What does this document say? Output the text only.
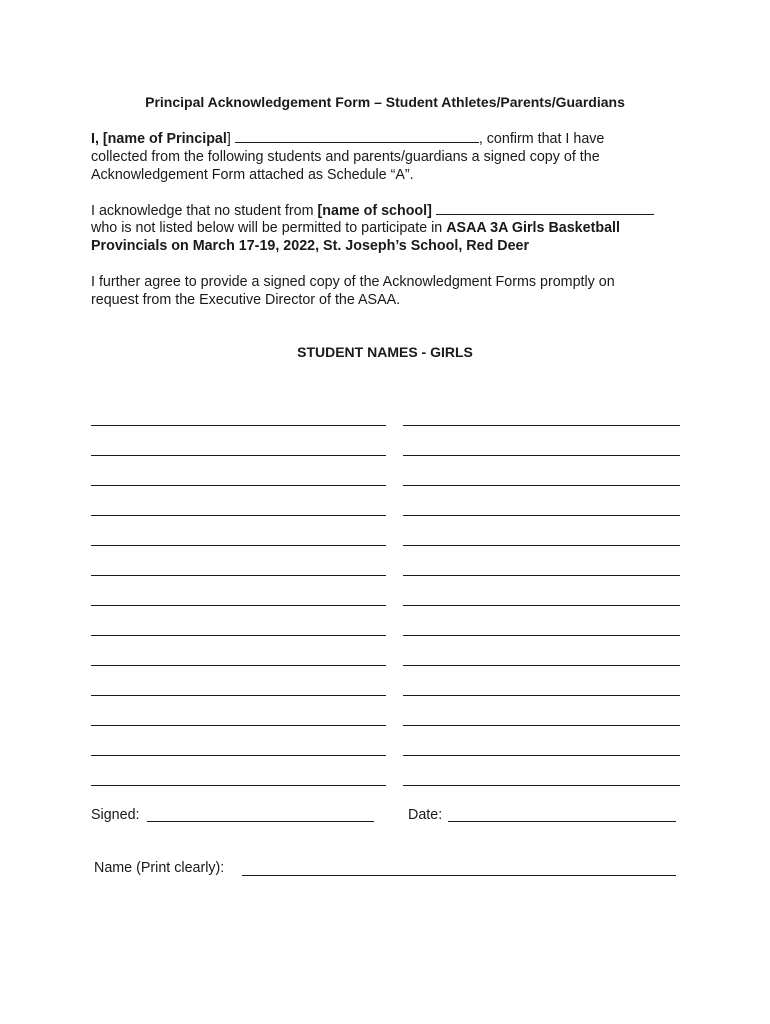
Principal Acknowledgement Form – Student Athletes/Parents/Guardians

I, [name of Principal]	, confirm that I have

collected from the following students and parents/guardians a signed copy of the

Acknowledgement Form attached as Schedule “A”.

I acknowledge that no student from [name of school]

who is not listed below will be permitted to participate in ASAA 3A Girls Basketball

Provincials on March 17-19, 2022, St. Joseph’s School, Red Deer

I further agree to provide a signed copy of the Acknowledgment Forms promptly on

request from the Executive Director of the ASAA.

STUDENT NAMES - GIRLS
Signed:	Date:
Name (Print clearly):
